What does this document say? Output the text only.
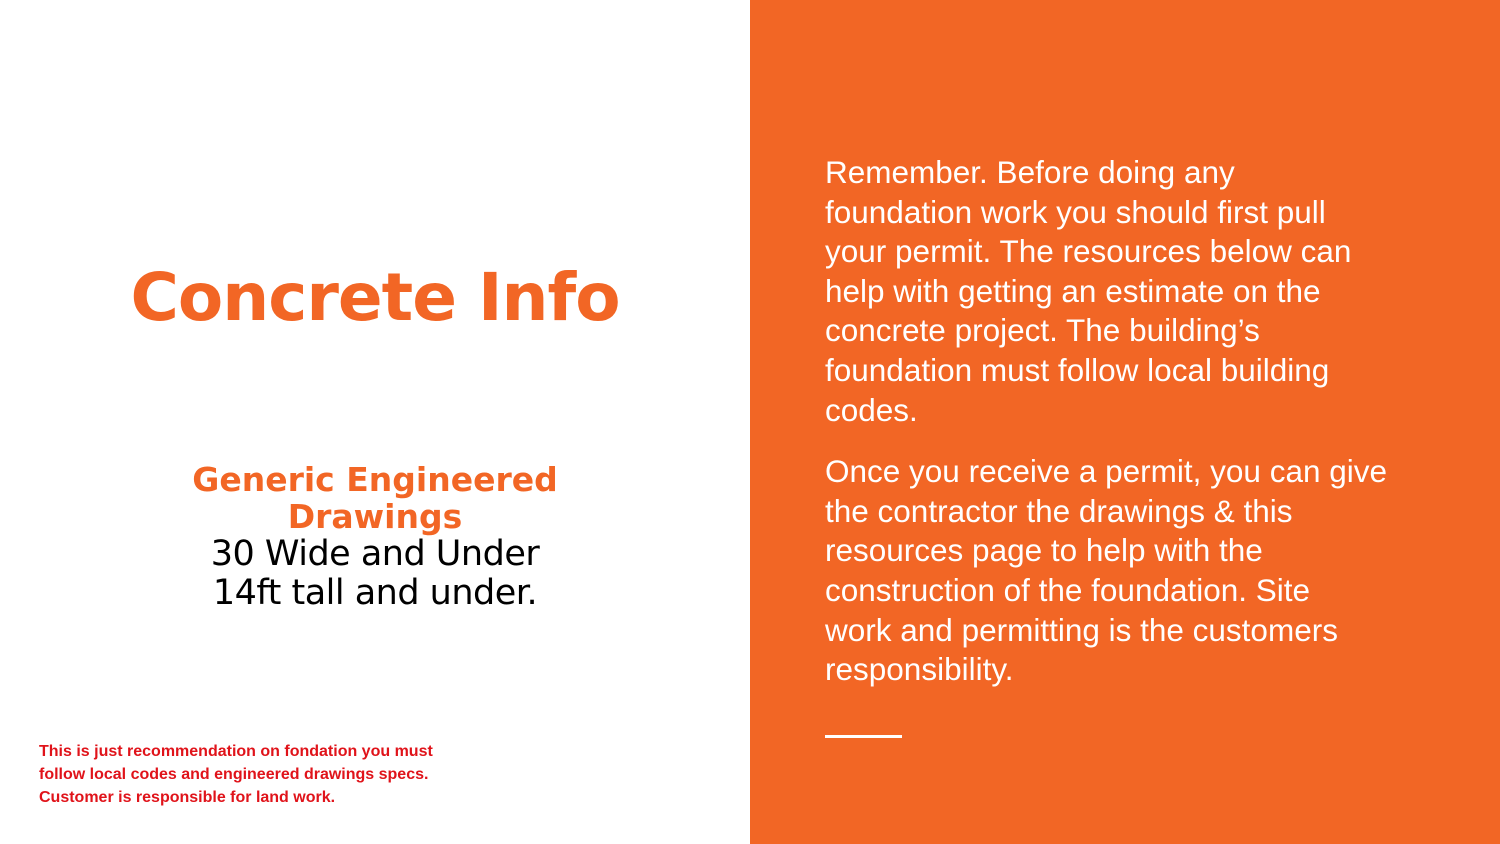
Concrete Info
Generic Engineered
Drawings
30 Wide and Under
14ft tall and under.
This is just recommendation on fondation you must
follow local codes and engineered drawings specs.
Customer is responsible for land work.
Remember. Before doing any
foundation work you should first pull
your permit. The resources below can
help with getting an estimate on the
concrete project. The building’s
foundation must follow local building
codes.
Once you receive a permit, you can give
the contractor the drawings & this
resources page to help with the
construction of the foundation. Site
work and permitting is the customers
responsibility.
